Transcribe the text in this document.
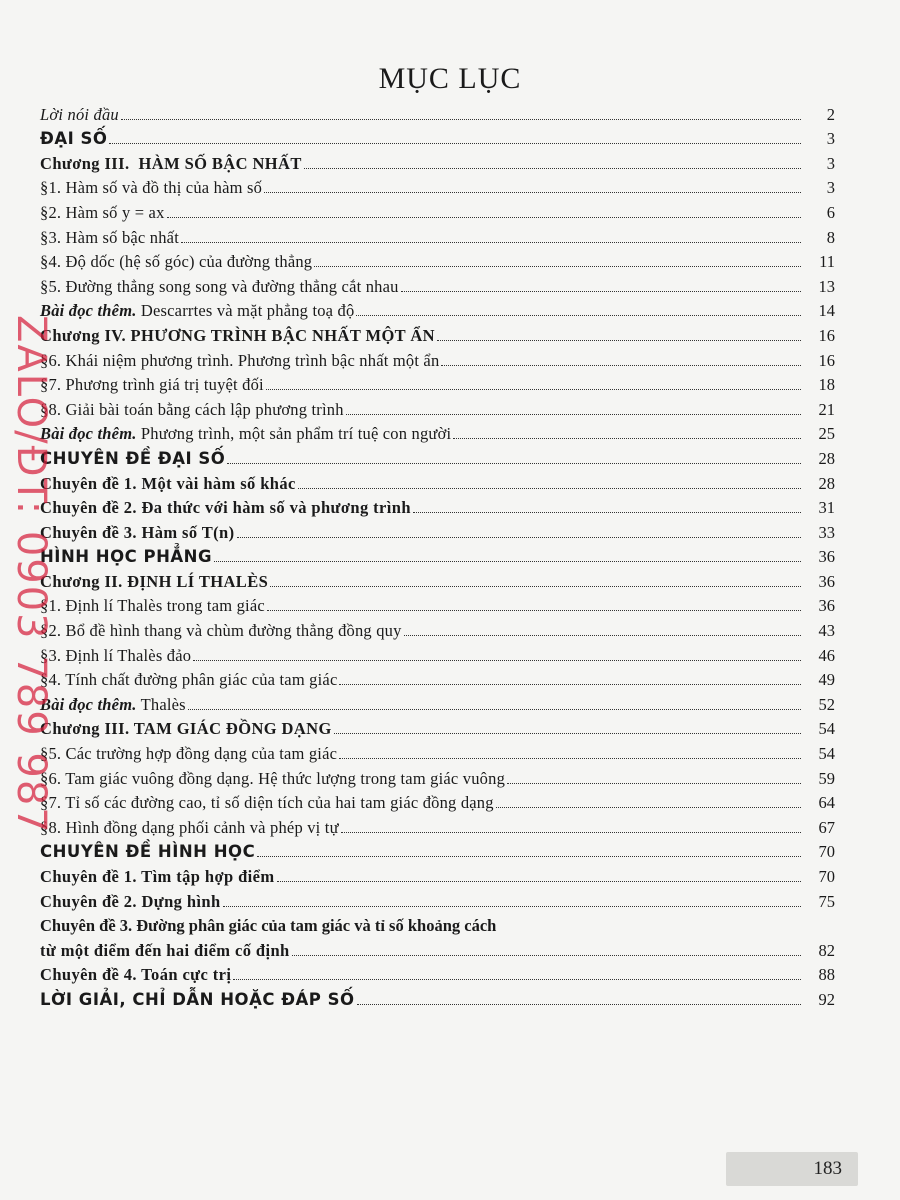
MỤC LỤC
Lời nói đầu	2
ĐẠI SỐ	3
Chương III.  HÀM SỐ BẬC NHẤT	3
§1. Hàm số và đồ thị của hàm số	3
§2. Hàm số y = ax	6
§3. Hàm số bậc nhất	8
§4. Độ dốc (hệ số góc) của đường thẳng	11
§5. Đường thẳng song song và đường thẳng cắt nhau	13
Bài đọc thêm. Descarrtes và mặt phẳng toạ độ	14
Chương IV. PHƯƠNG TRÌNH BẬC NHẤT MỘT ẨN	16
§6. Khái niệm phương trình. Phương trình bậc nhất một ẩn	16
§7. Phương trình giá trị tuyệt đối	18
§8. Giải bài toán bằng cách lập phương trình	21
Bài đọc thêm. Phương trình, một sản phẩm trí tuệ con người	25
CHUYÊN ĐỀ ĐẠI SỐ	28
Chuyên đề 1. Một vài hàm số khác	28
Chuyên đề 2. Đa thức với hàm số và phương trình	31
Chuyên đề 3. Hàm số T(n)	33
HÌNH HỌC PHẲNG	36
Chương II. ĐỊNH LÍ THALÈS	36
§1. Định lí Thalès trong tam giác	36
§2. Bổ đề hình thang và chùm đường thẳng đồng quy	43
§3. Định lí Thalès đảo	46
§4. Tính chất đường phân giác của tam giác	49
Bài đọc thêm. Thalès	52
Chương III. TAM GIÁC ĐỒNG DẠNG	54
§5. Các trường hợp đồng dạng của tam giác	54
§6. Tam giác vuông đồng dạng. Hệ thức lượng trong tam giác vuông	59
§7. Tỉ số các đường cao, tỉ số diện tích của hai tam giác đồng dạng	64
§8. Hình đồng dạng phối cảnh và phép vị tự	67
CHUYÊN ĐỀ HÌNH HỌC	70
Chuyên đề 1. Tìm tập hợp điểm	70
Chuyên đề 2. Dựng hình	75
Chuyên đề 3. Đường phân giác của tam giác và tỉ số khoảng cách
từ một điểm đến hai điểm cố định	82
Chuyên đề 4. Toán cực trị	88
LỜI GIẢI, CHỈ DẪN HOẶC ĐÁP SỐ	92
ZALO/ĐT: 0903 789 987
183
